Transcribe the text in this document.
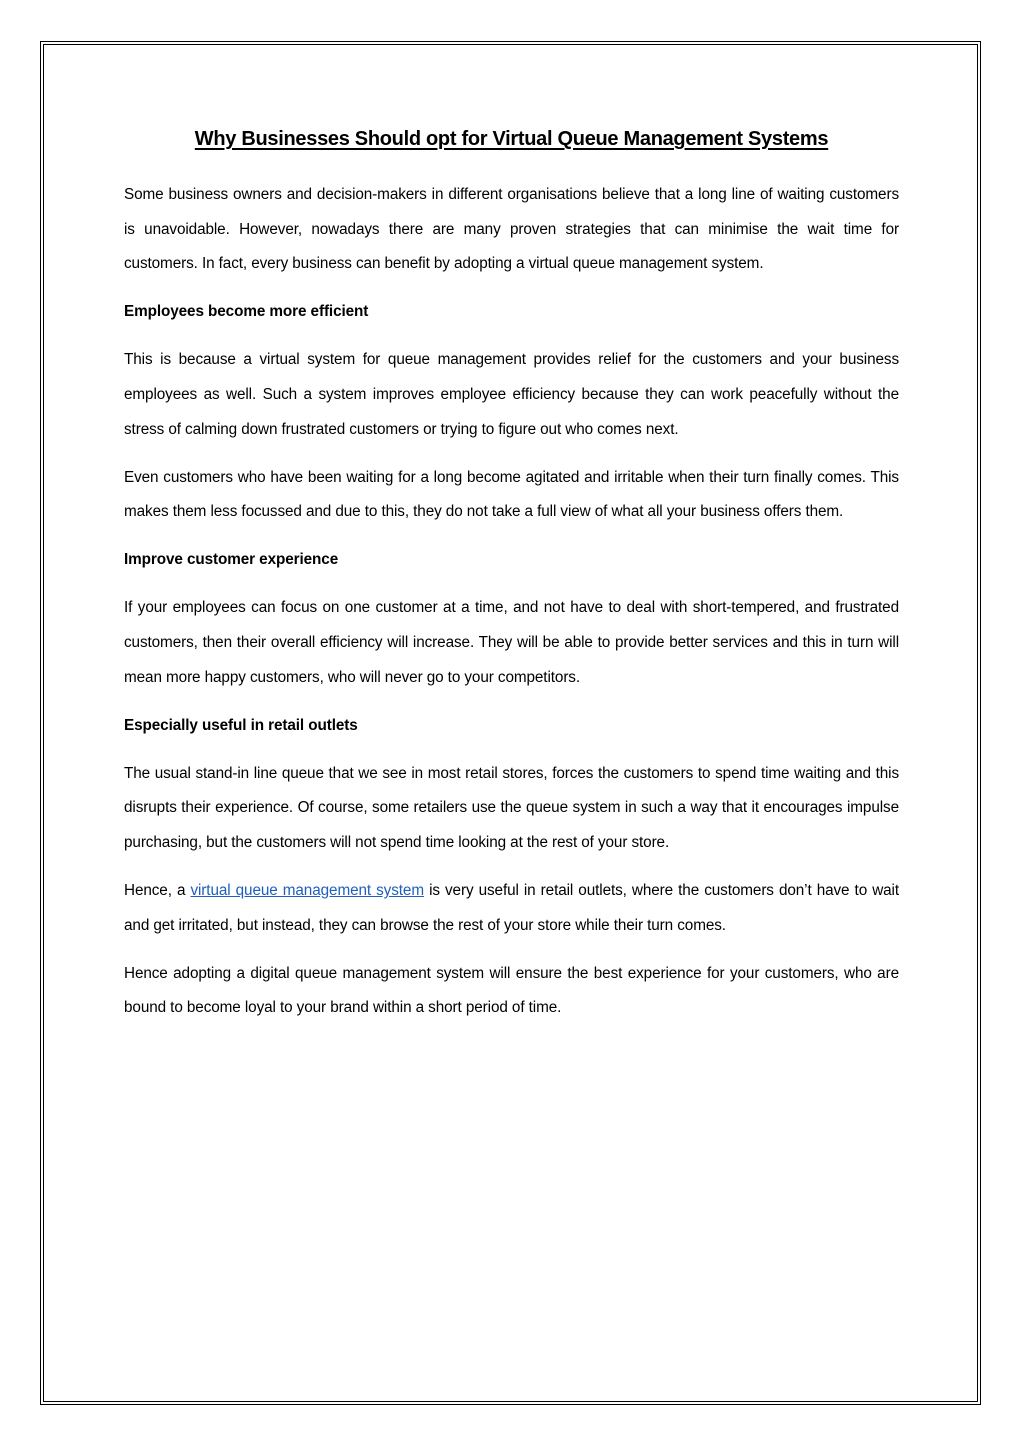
Why Businesses Should opt for Virtual Queue Management Systems

Some business owners and decision-makers in different organisations believe that a long line of waiting customers is unavoidable. However, nowadays there are many proven strategies that can minimise the wait time for customers. In fact, every business can benefit by adopting a virtual queue management system.

Employees become more efficient

This is because a virtual system for queue management provides relief for the customers and your business employees as well. Such a system improves employee efficiency because they can work peacefully without the stress of calming down frustrated customers or trying to figure out who comes next.

Even customers who have been waiting for a long become agitated and irritable when their turn finally comes. This makes them less focussed and due to this, they do not take a full view of what all your business offers them.

Improve customer experience

If your employees can focus on one customer at a time, and not have to deal with short-tempered, and frustrated customers, then their overall efficiency will increase. They will be able to provide better services and this in turn will mean more happy customers, who will never go to your competitors.

Especially useful in retail outlets

The usual stand-in line queue that we see in most retail stores, forces the customers to spend time waiting and this disrupts their experience. Of course, some retailers use the queue system in such a way that it encourages impulse purchasing, but the customers will not spend time looking at the rest of your store.

Hence, a virtual queue management system is very useful in retail outlets, where the customers don’t have to wait and get irritated, but instead, they can browse the rest of your store while their turn comes.

Hence adopting a digital queue management system will ensure the best experience for your customers, who are bound to become loyal to your brand within a short period of time.
